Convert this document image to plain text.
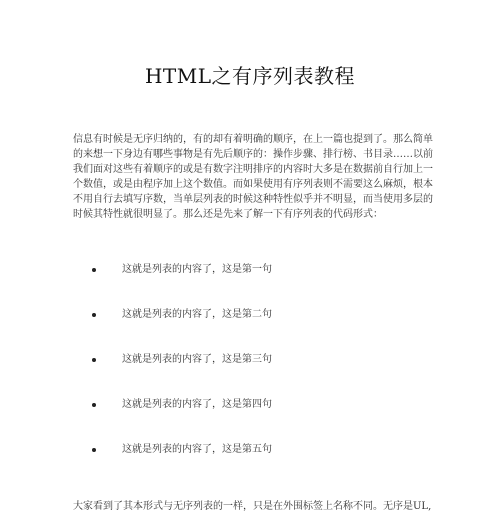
HTML之有序列表教程

信息有时候是无序归纳的，有的却有着明确的顺序，在上一篇也提到了。那么简单的来想一下身边有哪些事物是有先后顺序的：操作步骤、排行榜、书目录……以前我们面对这些有着顺序的或是有数字注明排序的内容时大多是在数据前自行加上一个数值，或是由程序加上这个数值。而如果使用有序列表则不需要这么麻烦，根本不用自行去填写序数，当单层列表的时候这种特性似乎并不明显，而当使用多层的时候其特性就很明显了。那么还是先来了解一下有序列表的代码形式：

这就是列表的内容了，这是第一句
这就是列表的内容了，这是第二句
这就是列表的内容了，这是第三句
这就是列表的内容了，这是第四句
这就是列表的内容了，这是第五句

大家看到了其本形式与无序列表的一样，只是在外围标签上名称不同。无序是UL,
